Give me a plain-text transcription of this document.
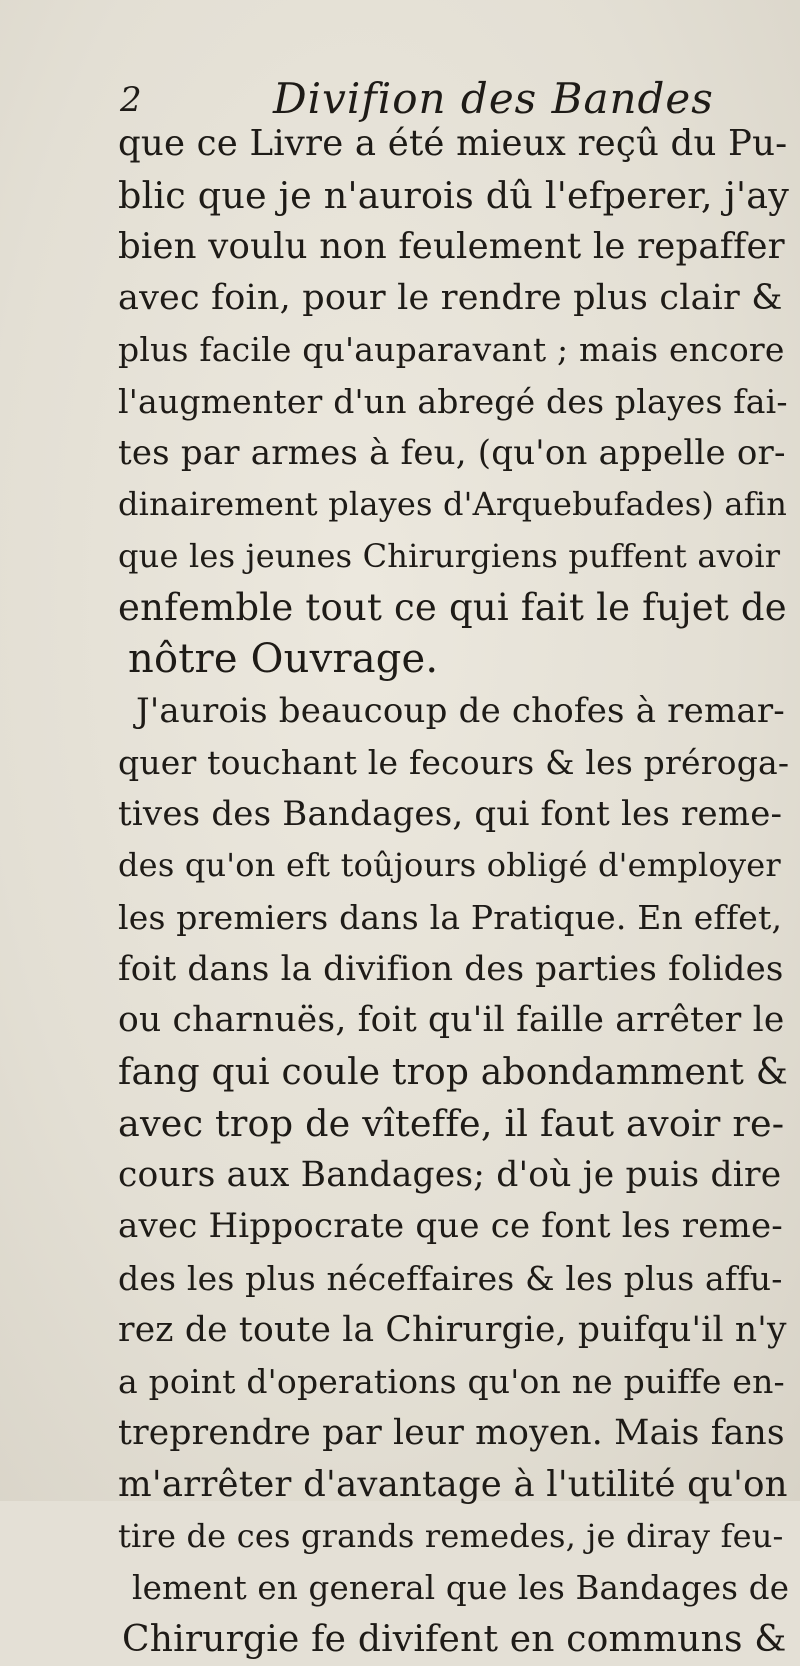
2	Divifion des Bandes
que ce Livre a été mieux reçû du Pu-
blic que je n'aurois dû l'efperer, j'ay
bien voulu non feulement le repaffer
avec foin, pour le rendre plus clair &
plus facile qu'auparavant ; mais encore
l'augmenter d'un abregé des playes fai-
tes par armes à feu, (qu'on appelle or-
dinairement playes d'Arquebufades) afin
que les jeunes Chirurgiens puffent avoir
enfemble tout ce qui fait le fujet de
nôtre Ouvrage.
J'aurois beaucoup de chofes à remar-
quer touchant le fecours & les préroga-
tives des Bandages, qui font les reme-
des qu'on eft toûjours obligé d'employer
les premiers dans la Pratique. En effet,
foit dans la divifion des parties folides
ou charnuës, foit qu'il faille arrêter le
fang qui coule trop abondamment &
avec trop de vîteffe, il faut avoir re-
cours aux Bandages; d'où je puis dire
avec Hippocrate que ce font les reme-
des les plus néceffaires & les plus affu-
rez de toute la Chirurgie, puifqu'il n'y
a point d'operations qu'on ne puiffe en-
treprendre par leur moyen. Mais fans
m'arrêter d'avantage à l'utilité qu'on
tire de ces grands remedes, je diray feu-
lement en general que les Bandages de
Chirurgie fe divifent en communs &
